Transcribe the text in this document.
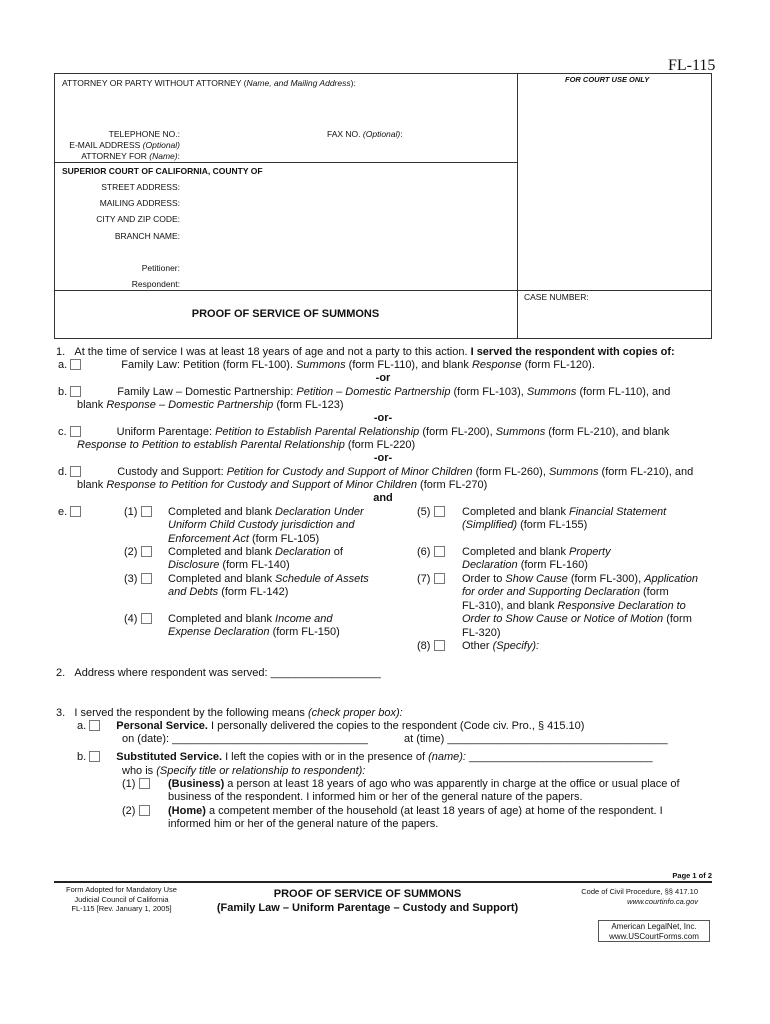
FL-115
ATTORNEY OR PARTY WITHOUT ATTORNEY (Name, and Mailing Address):	FOR COURT USE ONLY
TELEPHONE NO.:	FAX NO. (Optional):
E-MAIL ADDRESS (Optional)
ATTORNEY FOR (Name):
SUPERIOR COURT OF CALIFORNIA, COUNTY OF
STREET ADDRESS:
MAILING ADDRESS:
CITY AND ZIP CODE:
BRANCH NAME:
Petitioner:
Respondent:
CASE NUMBER:
PROOF OF SERVICE OF SUMMONS
1. At the time of service I was at least 18 years of age and not a party to this action. I served the respondent with copies of:
a.	Family Law: Petition (form FL-100). Summons (form FL-110), and blank Response (form FL-120).
-or
b.	Family Law – Domestic Partnership: Petition – Domestic Partnership (form FL-103), Summons (form FL-110), and
blank Response – Domestic Partnership (form FL-123)
-or-
c.	Uniform Parentage: Petition to Establish Parental Relationship (form FL-200), Summons (form FL-210), and blank
Response to Petition to establish Parental Relationship (form FL-220)
-or-
d.	Custody and Support: Petition for Custody and Support of Minor Children (form FL-260), Summons (form FL-210), and
blank Response to Petition for Custody and Support of Minor Children (form FL-270)
and
e.	(1)	Completed and blank Declaration Under
Uniform Child Custody jurisdiction and
Enforcement Act (form FL-105)
(2)	Completed and blank Declaration of
Disclosure (form FL-140)
(3)	Completed and blank Schedule of Assets
and Debts (form FL-142)
(4)	Completed and blank Income and
Expense Declaration (form FL-150)
(5)	Completed and blank Financial Statement
(Simplified) (form FL-155)
(6)	Completed and blank Property
Declaration (form FL-160)
(7)	Order to Show Cause (form FL-300), Application
for order and Supporting Declaration (form
FL-310), and blank Responsive Declaration to
Order to Show Cause or Notice of Motion (form
FL-320)
(8)	Other (Specify):
2. Address where respondent was served: __________________
3. I served the respondent by the following means (check proper box):
a.	Personal Service. I personally delivered the copies to the respondent (Code civ. Pro., § 415.10)
on (date): ________________________________	at (time) ____________________________________
b.	Substituted Service. I left the copies with or in the presence of (name): ______________________________
who is (Specify title or relationship to respondent):
(1)	(Business) a person at least 18 years of ago who was apparently in charge at the office or usual place of
business of the respondent. I informed him or her of the general nature of the papers.
(2)	(Home) a competent member of the household (at least 18 years of age) at home of the respondent. I
informed him or her of the general nature of the papers.
Page 1 of 2
Form Adopted for Mandatory Use
Judicial Council of California
FL-115 [Rev. January 1, 2005]
PROOF OF SERVICE OF SUMMONS
(Family Law – Uniform Parentage – Custody and Support)
Code of Civil Procedure, §§ 417.10
www.courtinfo.ca.gov
American LegalNet, Inc.
www.USCourtForms.com
